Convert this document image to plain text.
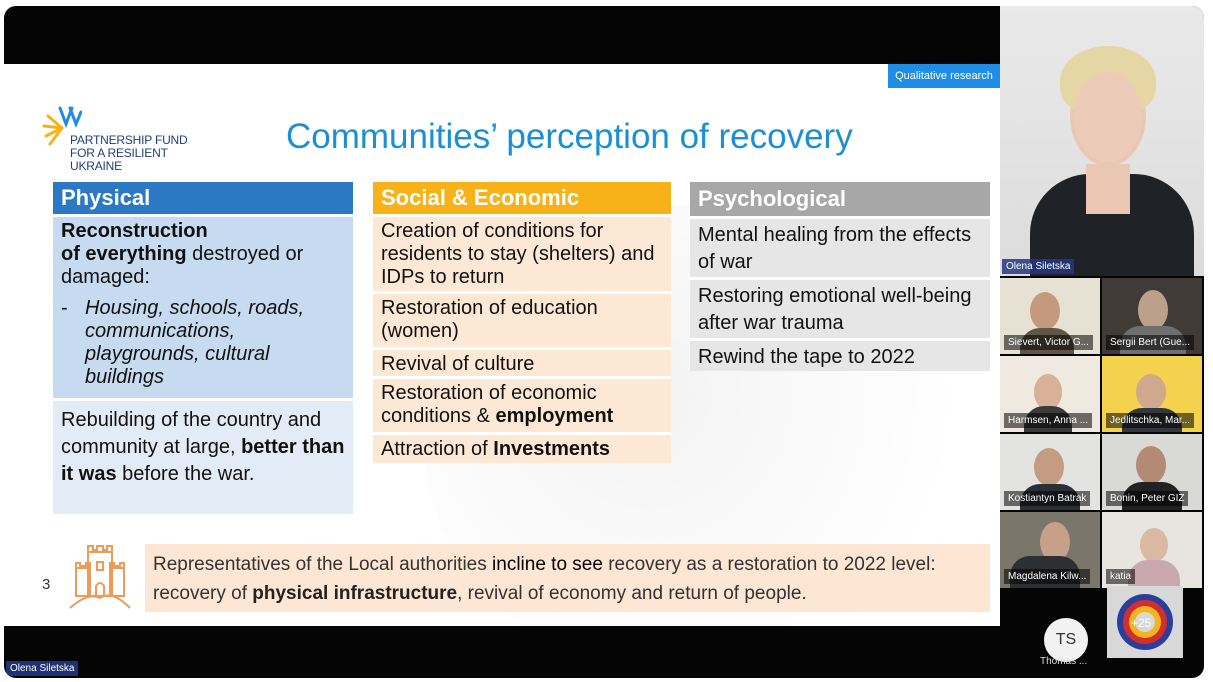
Qualitative research
PARTNERSHIP FUND
FOR A RESILIENT UKRAINE
Communities’ perception of recovery
Physical
Reconstruction
of everything destroyed or damaged:
- Housing, schools, roads, communications, playgrounds, cultural buildings
Rebuilding of the country and community at large, better than it was before the war.
Social & Economic
Creation of conditions for residents to stay (shelters) and IDPs to return
Restoration of education (women)
Revival of culture
Restoration of economic conditions & employment
Attraction of Investments
Psychological
Mental healing from the effects of war
Restoring emotional well-being after war trauma
Rewind the tape to 2022
3
Representatives of the Local authorities incline to see recovery as a restoration to 2022 level: recovery of physical infrastructure, revival of economy and return of people.
Olena Siletska
Sievert, Victor G...	Sergii Bert (Gue...
Harmsen, Anna ...	Jedlitschka, Mar...
Kostiantyn Batrak	Bonin, Peter GIZ
Magdalena Kilw...	katia
TS
Thomas ...
+25
Olena Siletska
